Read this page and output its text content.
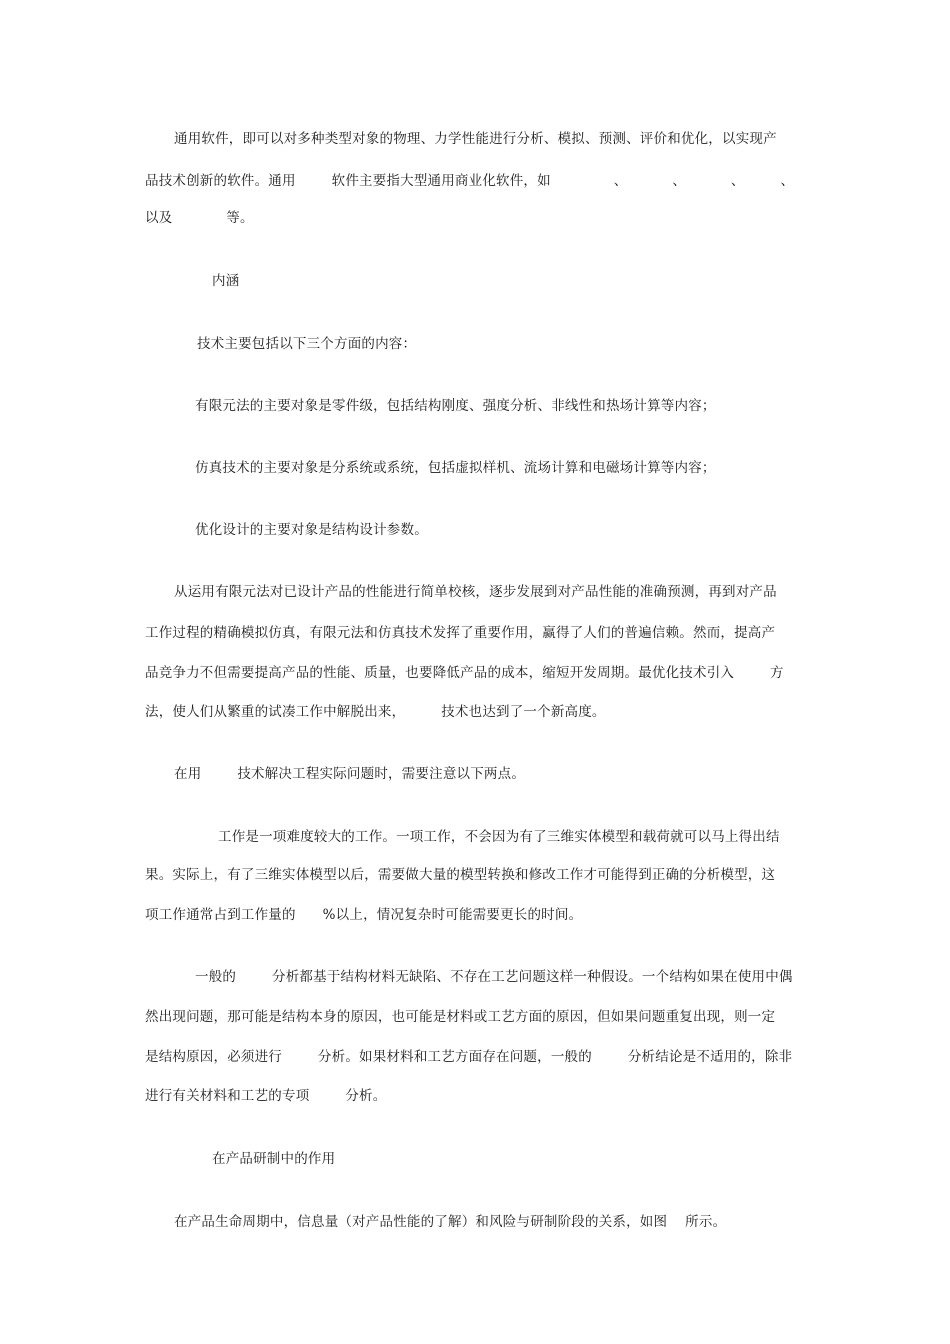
通用软件，即可以对多种类型对象的物理、力学性能进行分析、模拟、预测、评价和优化，以实现产
品技术创新的软件。通用        软件主要指大型通用商业化软件，如              、          、          、        、
以及            等。
内涵
技术主要包括以下三个方面的内容：
有限元法的主要对象是零件级，包括结构刚度、强度分析、非线性和热场计算等内容；
仿真技术的主要对象是分系统或系统，包括虚拟样机、流场计算和电磁场计算等内容；
优化设计的主要对象是结构设计参数。
从运用有限元法对已设计产品的性能进行简单校核，逐步发展到对产品性能的准确预测，再到对产品
工作过程的精确模拟仿真，有限元法和仿真技术发挥了重要作用，赢得了人们的普遍信赖。然而，提高产
品竞争力不但需要提高产品的性能、质量，也要降低产品的成本，缩短开发周期。最优化技术引入        方
法，使人们从繁重的试凑工作中解脱出来，        技术也达到了一个新高度。
在用        技术解决工程实际问题时，需要注意以下两点。
工作是一项难度较大的工作。一项工作，不会因为有了三维实体模型和载荷就可以马上得出结
果。实际上，有了三维实体模型以后，需要做大量的模型转换和修改工作才可能得到正确的分析模型，这
项工作通常占到工作量的      %以上，情况复杂时可能需要更长的时间。
一般的        分析都基于结构材料无缺陷、不存在工艺问题这样一种假设。一个结构如果在使用中偶
然出现问题，那可能是结构本身的原因，也可能是材料或工艺方面的原因，但如果问题重复出现，则一定
是结构原因，必须进行        分析。如果材料和工艺方面存在问题，一般的        分析结论是不适用的，除非
进行有关材料和工艺的专项        分析。
在产品研制中的作用
在产品生命周期中，信息量（对产品性能的了解）和风险与研制阶段的关系，如图    所示。
